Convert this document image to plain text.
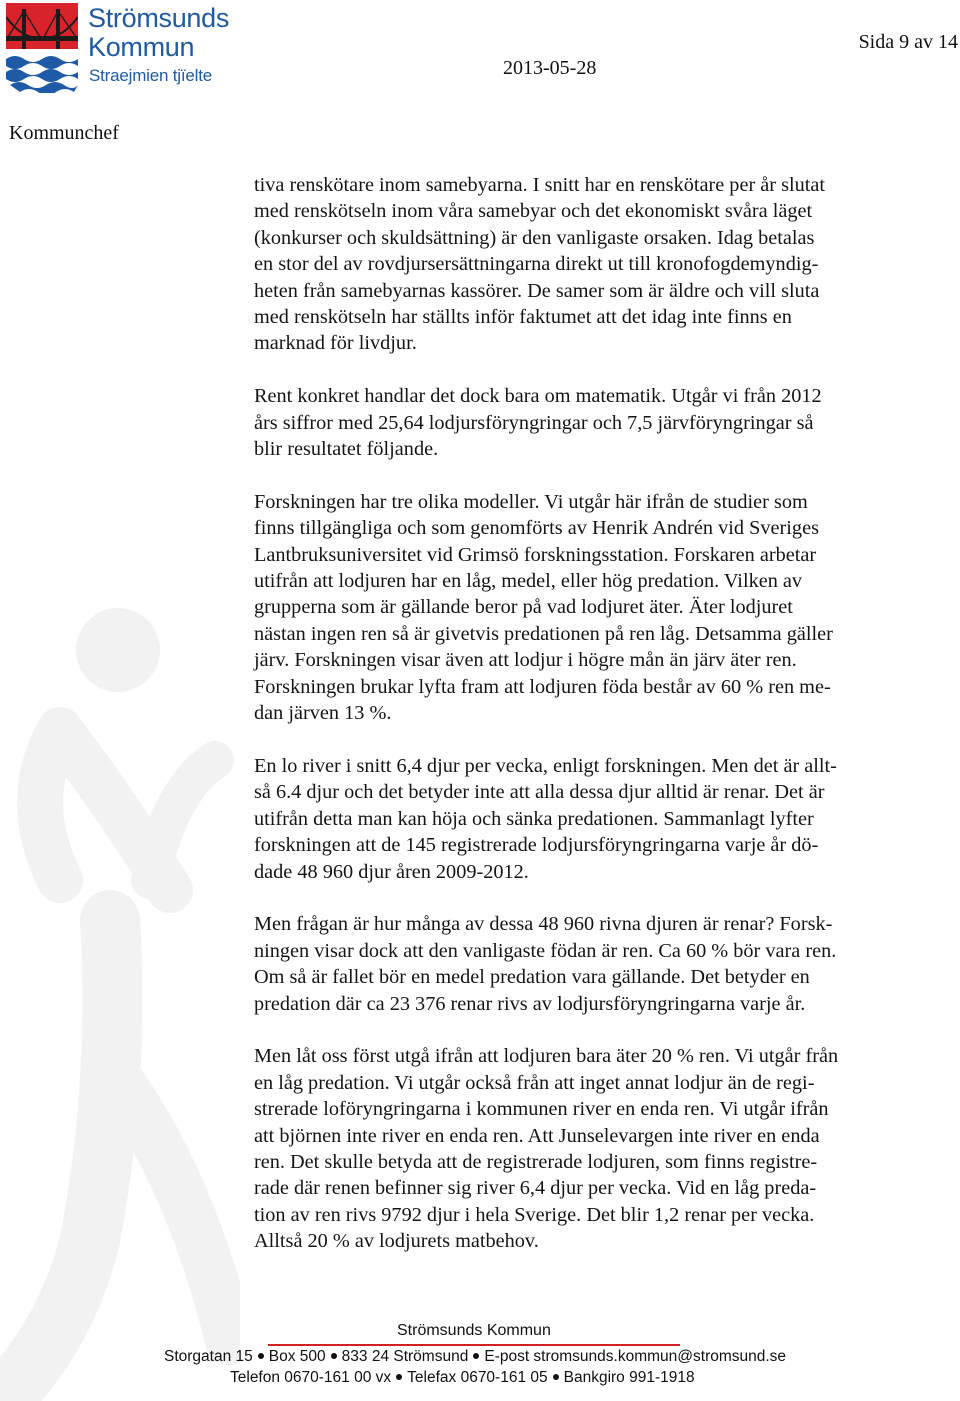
Strömsunds
Kommun
Straejmien tjïelte
Sida 9 av 14
2013-05-28
Kommunchef

tiva renskötare inom samebyarna. I snitt har en renskötare per år slutat
med renskötseln inom våra samebyar och det ekonomiskt svåra läget
(konkurser och skuldsättning) är den vanligaste orsaken. Idag betalas
en stor del av rovdjursersättningarna direkt ut till kronofogdemyndig-
heten från samebyarnas kassörer. De samer som är äldre och vill sluta
med renskötseln har ställts inför faktumet att det idag inte finns en
marknad för livdjur.

Rent konkret handlar det dock bara om matematik. Utgår vi från 2012
års siffror med 25,64 lodjursföryngringar och 7,5 järvföryngringar så
blir resultatet följande.

Forskningen har tre olika modeller. Vi utgår här ifrån de studier som
finns tillgängliga och som genomförts av Henrik Andrén vid Sveriges
Lantbruksuniversitet vid Grimsö forskningsstation. Forskaren arbetar
utifrån att lodjuren har en låg, medel, eller hög predation. Vilken av
grupperna som är gällande beror på vad lodjuret äter. Äter lodjuret
nästan ingen ren så är givetvis predationen på ren låg. Detsamma gäller
järv. Forskningen visar även att lodjur i högre mån än järv äter ren.
Forskningen brukar lyfta fram att lodjuren föda består av 60 % ren me-
dan järven 13 %.

En lo river i snitt 6,4 djur per vecka, enligt forskningen. Men det är allt-
så 6.4 djur och det betyder inte att alla dessa djur alltid är renar. Det är
utifrån detta man kan höja och sänka predationen. Sammanlagt lyfter
forskningen att de 145 registrerade lodjursföryngringarna varje år dö-
dade 48 960 djur åren 2009-2012.

Men frågan är hur många av dessa 48 960 rivna djuren är renar? Forsk-
ningen visar dock att den vanligaste födan är ren. Ca 60 % bör vara ren.
Om så är fallet bör en medel predation vara gällande. Det betyder en
predation där ca 23 376 renar rivs av lodjursföryngringarna varje år.

Men låt oss först utgå ifrån att lodjuren bara äter 20 % ren. Vi utgår från
en låg predation. Vi utgår också från att inget annat lodjur än de regi-
strerade loföryngringarna i kommunen river en enda ren. Vi utgår ifrån
att björnen inte river en enda ren. Att Junselevargen inte river en enda
ren. Det skulle betyda att de registrerade lodjuren, som finns registre-
rade där renen befinner sig river 6,4 djur per vecka. Vid en låg preda-
tion av ren rivs 9792 djur i hela Sverige. Det blir 1,2 renar per vecka.
Alltså 20 % av lodjurets matbehov.

Strömsunds Kommun
Storgatan 15 Box 500 833 24 Strömsund E-post stromsunds.kommun@stromsund.se
Telefon 0670-161 00 vx Telefax 0670-161 05 Bankgiro 991-1918
